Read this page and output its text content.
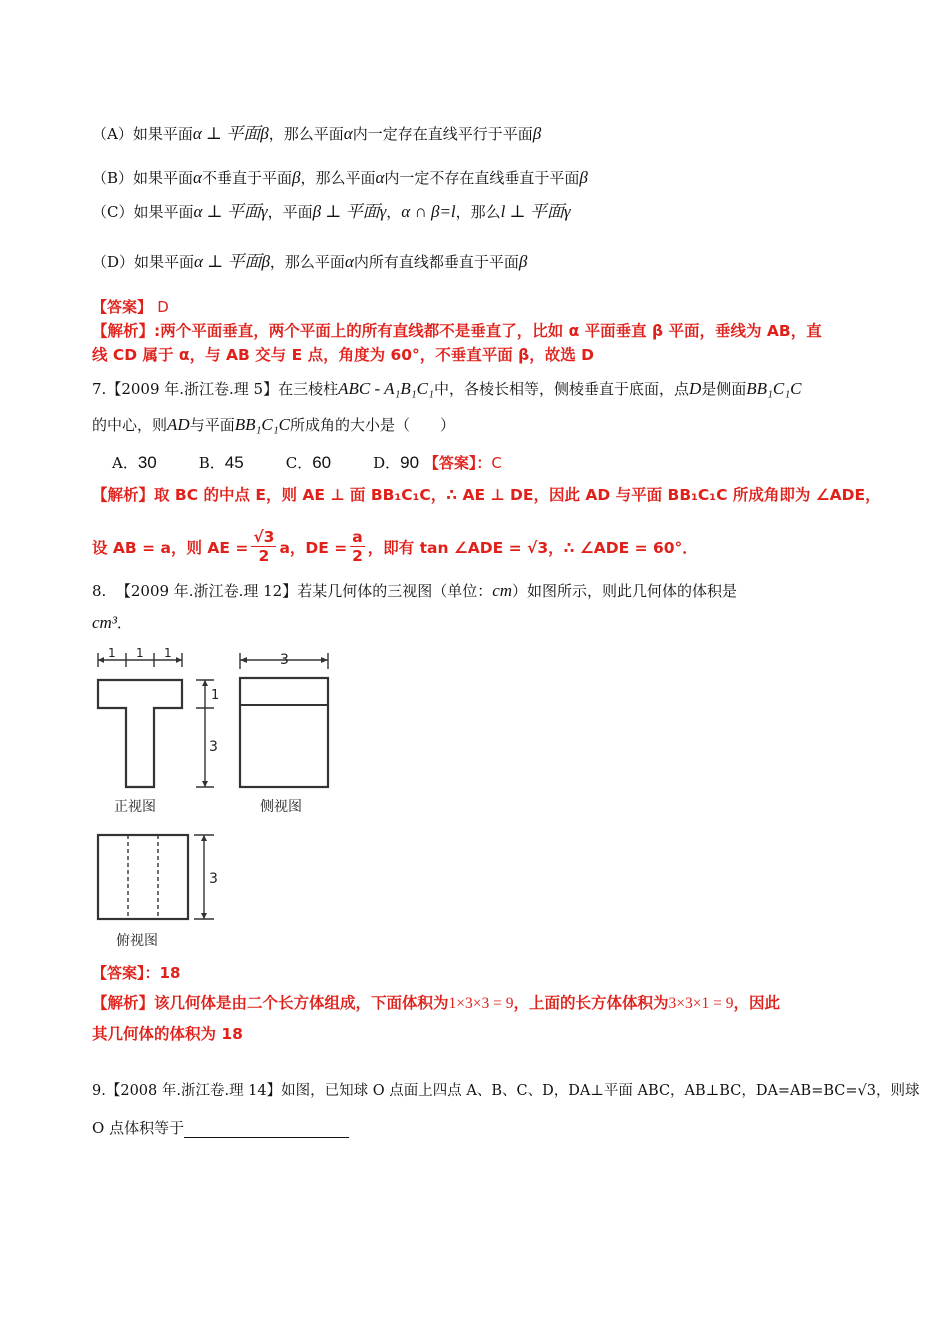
（A）如果平面α ⊥ 平面β，那么平面α内一定存在直线平行于平面β
（B）如果平面α不垂直于平面β，那么平面α内一定不存在直线垂直于平面β
（C）如果平面α ⊥ 平面γ，平面β ⊥ 平面γ，α ∩ β=l，那么l ⊥ 平面γ
（D）如果平面α ⊥ 平面β，那么平面α内所有直线都垂直于平面β
【答案】 D
【解析】:两个平面垂直，两个平面上的所有直线都不是垂直了，比如 α 平面垂直 β 平面，垂线为 AB，直
线 CD 属于 α，与 AB 交与 E 点，角度为 60°，不垂直平面 β，故选 D
7.【2009 年.浙江卷.理 5】在三棱柱ABC - A₁B₁C₁中，各棱长相等，侧棱垂直于底面，点D是侧面BB₁C₁C
的中心，则AD与平面BB₁C₁C所成角的大小是（　　）
A．30	B．45	C．60	D．90 【答案】：C
【解析】取 BC 的中点 E，则 AE ⊥ 面 BB₁C₁C，∴ AE ⊥ DE，因此 AD 与平面 BB₁C₁C 所成角即为 ∠ADE，
设 AB = a，则 AE = $\frac{√3}{2}$ a，DE = $\frac{a}{2}$ ，即有 tan ∠ADE = √3，∴ ∠ADE = 60°．
8. 【2009 年.浙江卷.理 12】若某几何体的三视图（单位：cm）如图所示，则此几何体的体积是
cm³．
1 1 1	3
1
3
3
正视图	侧视图
俯视图
【答案】：18
【解析】该几何体是由二个长方体组成，下面体积为1×3×3 = 9，上面的长方体体积为3×3×1 = 9，因此
其几何体的体积为 18
9.【2008 年.浙江卷.理 14】如图，已知球 O 点面上四点 A、B、C、D，DA⊥平面 ABC，AB⊥BC，DA=AB=BC=√3，则球
O 点体积等于
